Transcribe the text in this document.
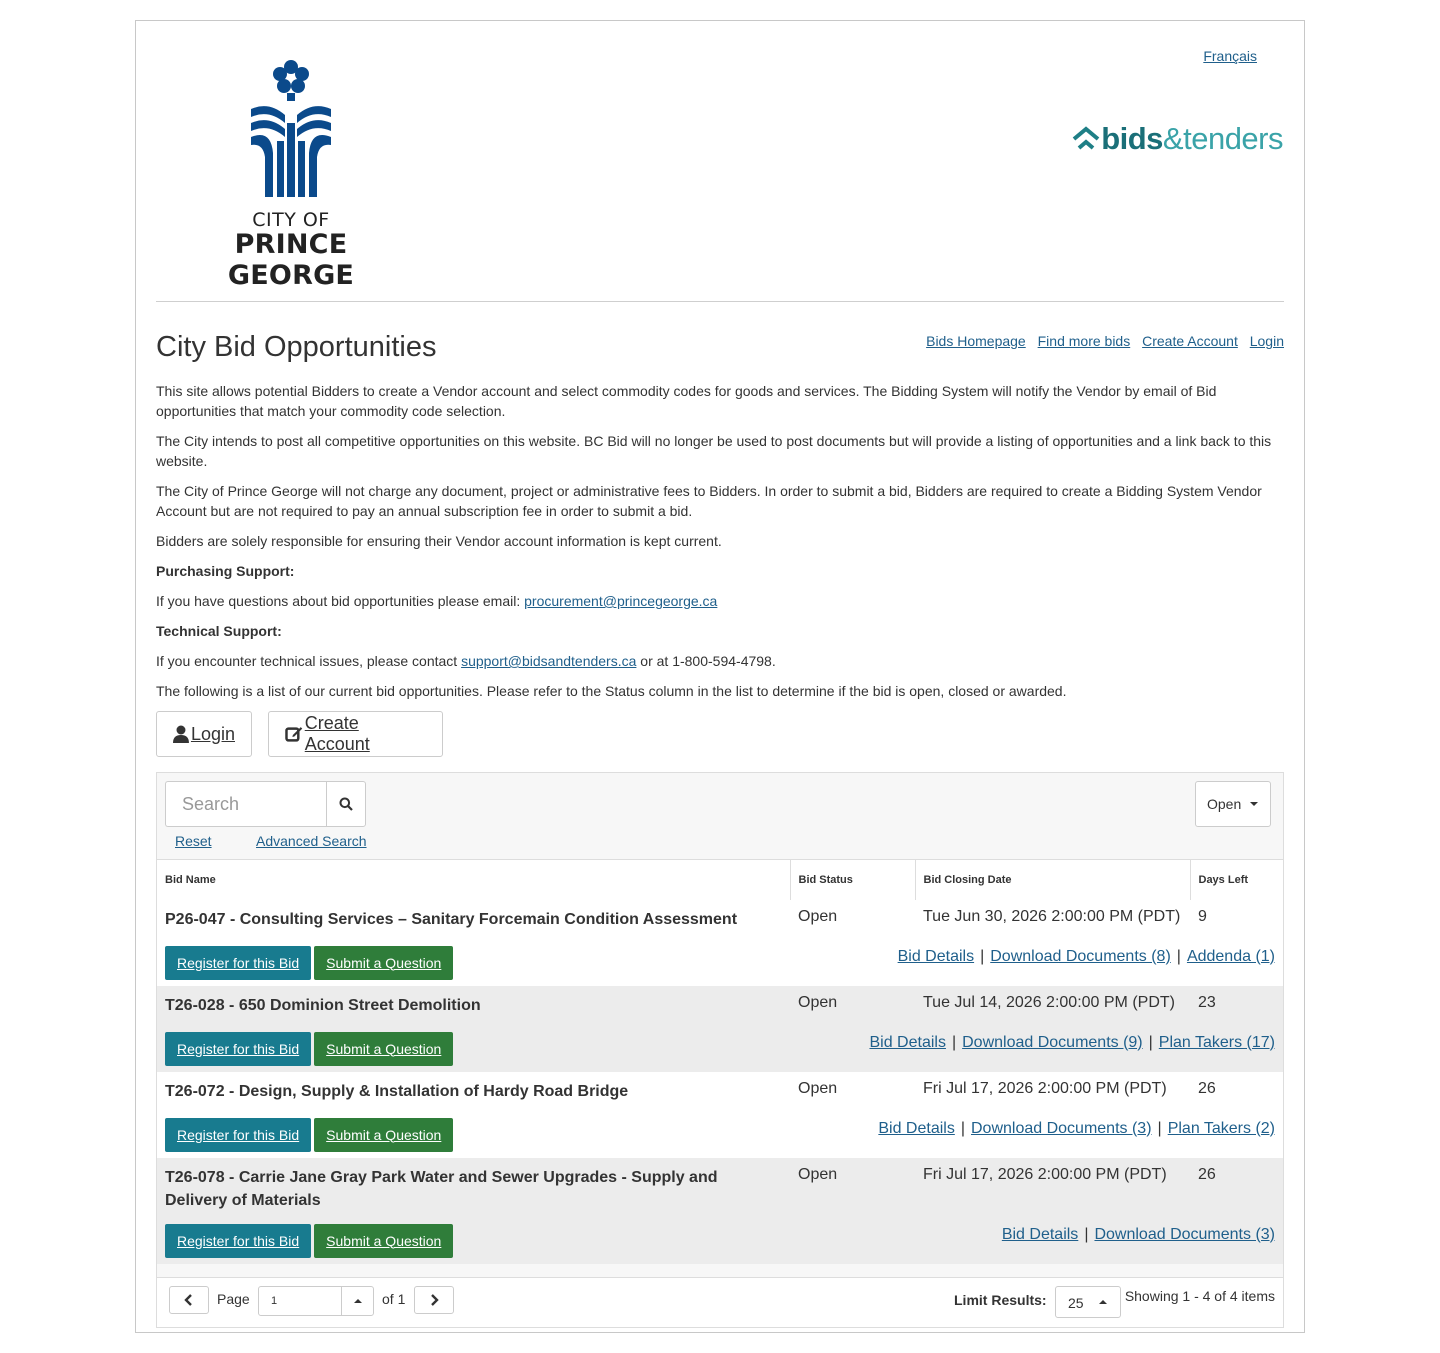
CITY OF
PRINCE GEORGE
Français
bids&tenders
City Bid Opportunities	Bids Homepage Find more bids Create Account Login

This site allows potential Bidders to create a Vendor account and select commodity codes for goods and services. The Bidding System will notify the Vendor by email of Bid opportunities that match your commodity code selection.

The City intends to post all competitive opportunities on this website. BC Bid will no longer be used to post documents but will provide a listing of opportunities and a link back to this website.

The City of Prince George will not charge any document, project or administrative fees to Bidders. In order to submit a bid, Bidders are required to create a Bidding System Vendor Account but are not required to pay an annual subscription fee in order to submit a bid.

Bidders are solely responsible for ensuring their Vendor account information is kept current.

Purchasing Support:

If you have questions about bid opportunities please email: procurement@princegeorge.ca

Technical Support:

If you encounter technical issues, please contact support@bidsandtenders.ca or at 1-800-594-4798.

The following is a list of our current bid opportunities. Please refer to the Status column in the list to determine if the bid is open, closed or awarded.

Login
Create Account
Search
Reset	Advanced Search
Open
Bid Name	Bid Status	Bid Closing Date	Days Left
P26-047 - Consulting Services – Sanitary Forcemain Condition Assessment	Open	Tue Jun 30, 2026 2:00:00 PM (PDT)	9
Register for this Bid Submit a Question	Bid Details | Download Documents (8) | Addenda (1)		
T26-028 - 650 Dominion Street Demolition	Open	Tue Jul 14, 2026 2:00:00 PM (PDT)	23
Register for this Bid Submit a Question	Bid Details | Download Documents (9) | Plan Takers (17)		
T26-072 - Design, Supply & Installation of Hardy Road Bridge	Open	Fri Jul 17, 2026 2:00:00 PM (PDT)	26
Register for this Bid Submit a Question	Bid Details | Download Documents (3) | Plan Takers (2)		
T26-078 - Carrie Jane Gray Park Water and Sewer Upgrades - Supply and Delivery of Materials	Open	Fri Jul 17, 2026 2:00:00 PM (PDT)	26
Register for this Bid Submit a Question	Bid Details | Download Documents (3)		
Page	1	of 1	Limit Results:	25	Showing 1 - 4 of 4 items
